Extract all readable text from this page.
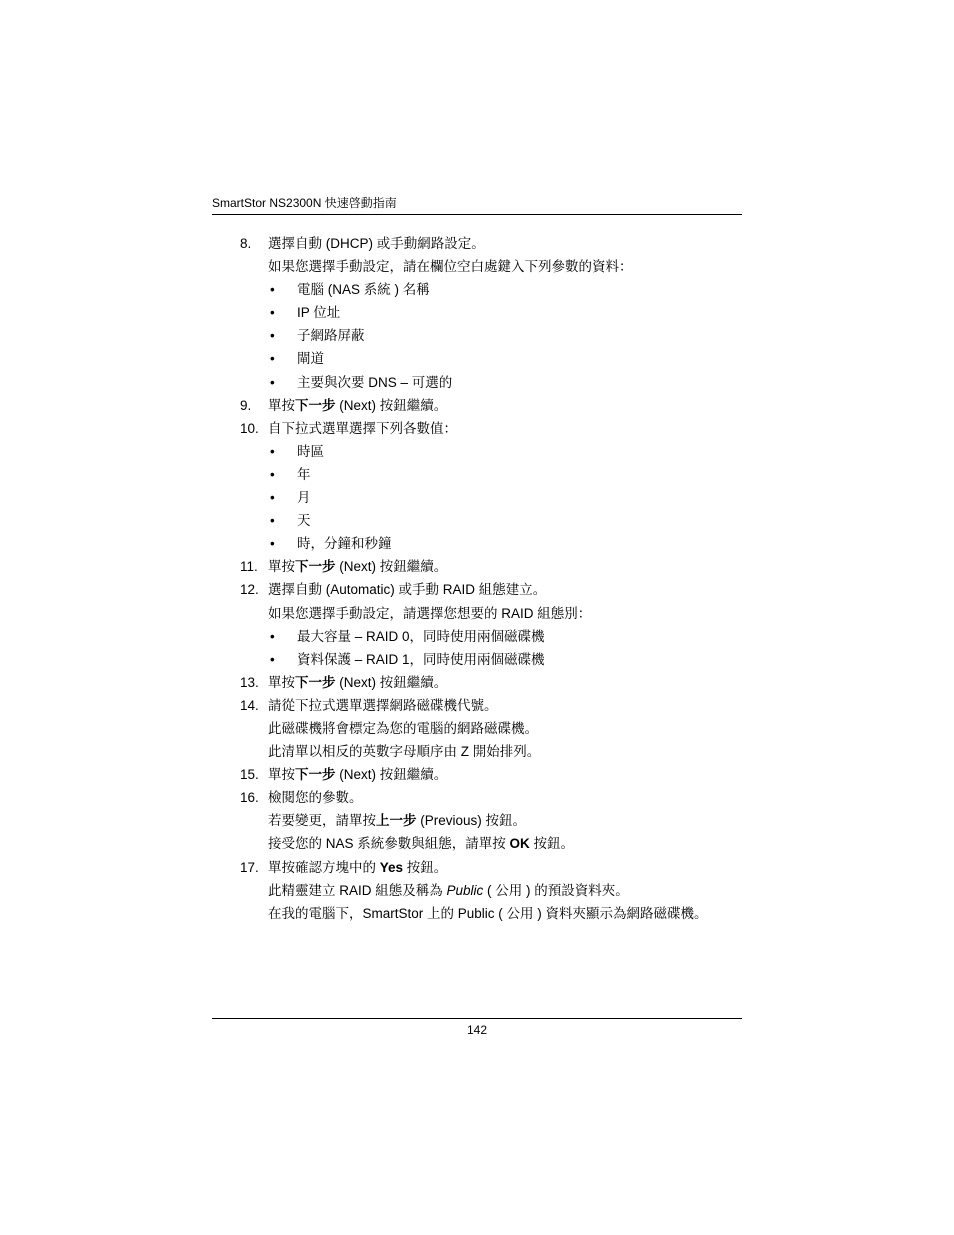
SmartStor NS2300N 快速啓動指南
8. 選擇自動 (DHCP) 或手動網路設定。
如果您選擇手動設定，請在欄位空白處鍵入下列參數的資料：
• 電腦 (NAS 系統 ) 名稱
• IP 位址
• 子網路屏蔽
• 閘道
• 主要與次要 DNS – 可選的
9. 單按下一步 (Next) 按鈕繼續。
10. 自下拉式選單選擇下列各數值：
• 時區
• 年
• 月
• 天
• 時，分鐘和秒鐘
11. 單按下一步 (Next) 按鈕繼續。
12. 選擇自動 (Automatic) 或手動 RAID 組態建立。
如果您選擇手動設定，請選擇您想要的 RAID 組態別：
• 最大容量 – RAID 0，同時使用兩個磁碟機
• 資料保護 – RAID 1，同時使用兩個磁碟機
13. 單按下一步 (Next) 按鈕繼續。
14. 請從下拉式選單選擇網路磁碟機代號。
此磁碟機將會標定為您的電腦的網路磁碟機。
此清單以相反的英數字母順序由 Z 開始排列。
15. 單按下一步 (Next) 按鈕繼續。
16. 檢閱您的參數。
若要變更，請單按上一步 (Previous) 按鈕。
接受您的 NAS 系統參數與組態，請單按 OK 按鈕。
17. 單按確認方塊中的 Yes 按鈕。
此精靈建立 RAID 組態及稱為 Public ( 公用 ) 的預設資料夾。
在我的電腦下，SmartStor 上的 Public ( 公用 ) 資料夾顯示為網路磁碟機。
142
